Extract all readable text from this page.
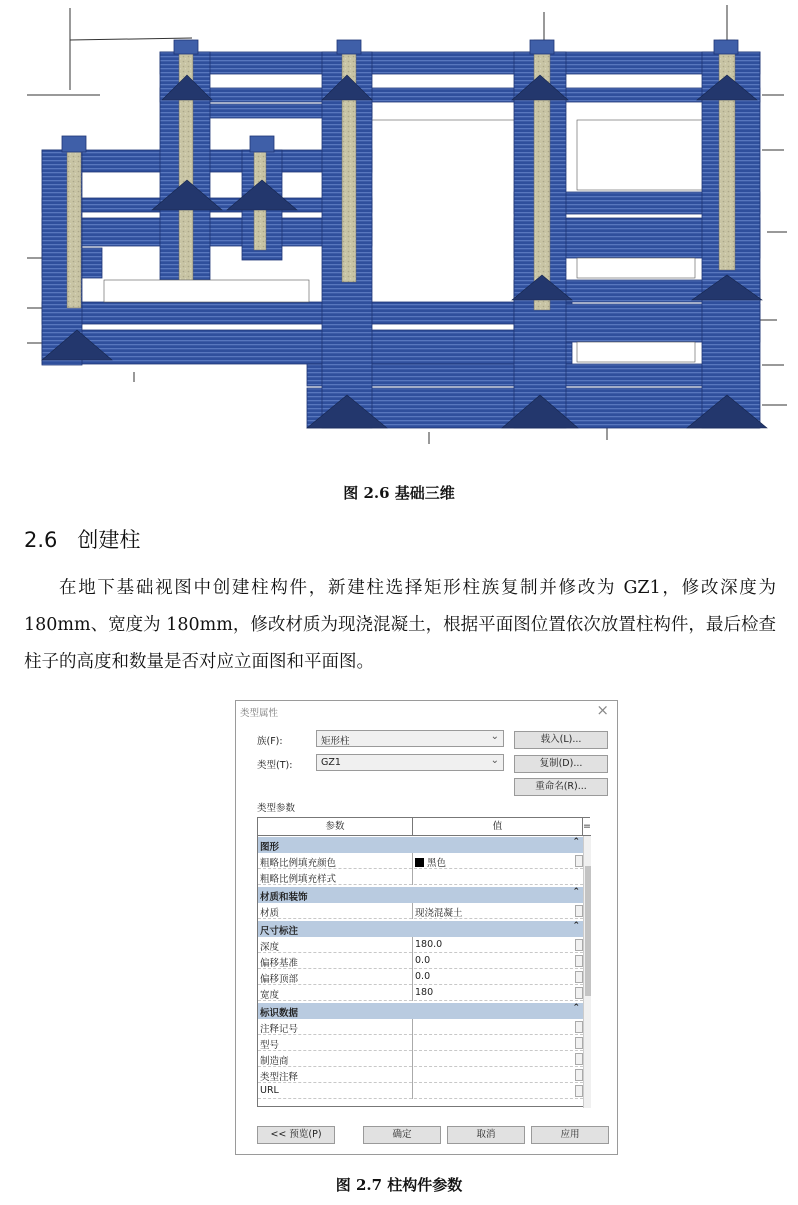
图 2.6 基础三维
2.6 创建柱
在地下基础视图中创建柱构件，新建柱选择矩形柱族复制并修改为 GZ1，修改深度为 180mm、宽度为 180mm，修改材质为现浇混凝土，根据平面图位置依次放置柱构件，最后检查柱子的高度和数量是否对应立面图和平面图。
类型属性	×
族(F):	矩形柱	⌄	载入(L)...
类型(T):	GZ1	⌄	复制(D)...
重命名(R)...
类型参数
参数	值	=
图形	⌃
粗略比例填充颜色	黑色
粗略比例填充样式
材质和装饰	⌃
材质	现浇混凝土
尺寸标注	⌃
深度	180.0
偏移基准	0.0
偏移顶部	0.0
宽度	180
标识数据	⌃
注释记号
型号
制造商
类型注释
URL
<< 预览(P)	确定	取消	应用
图 2.7 柱构件参数
